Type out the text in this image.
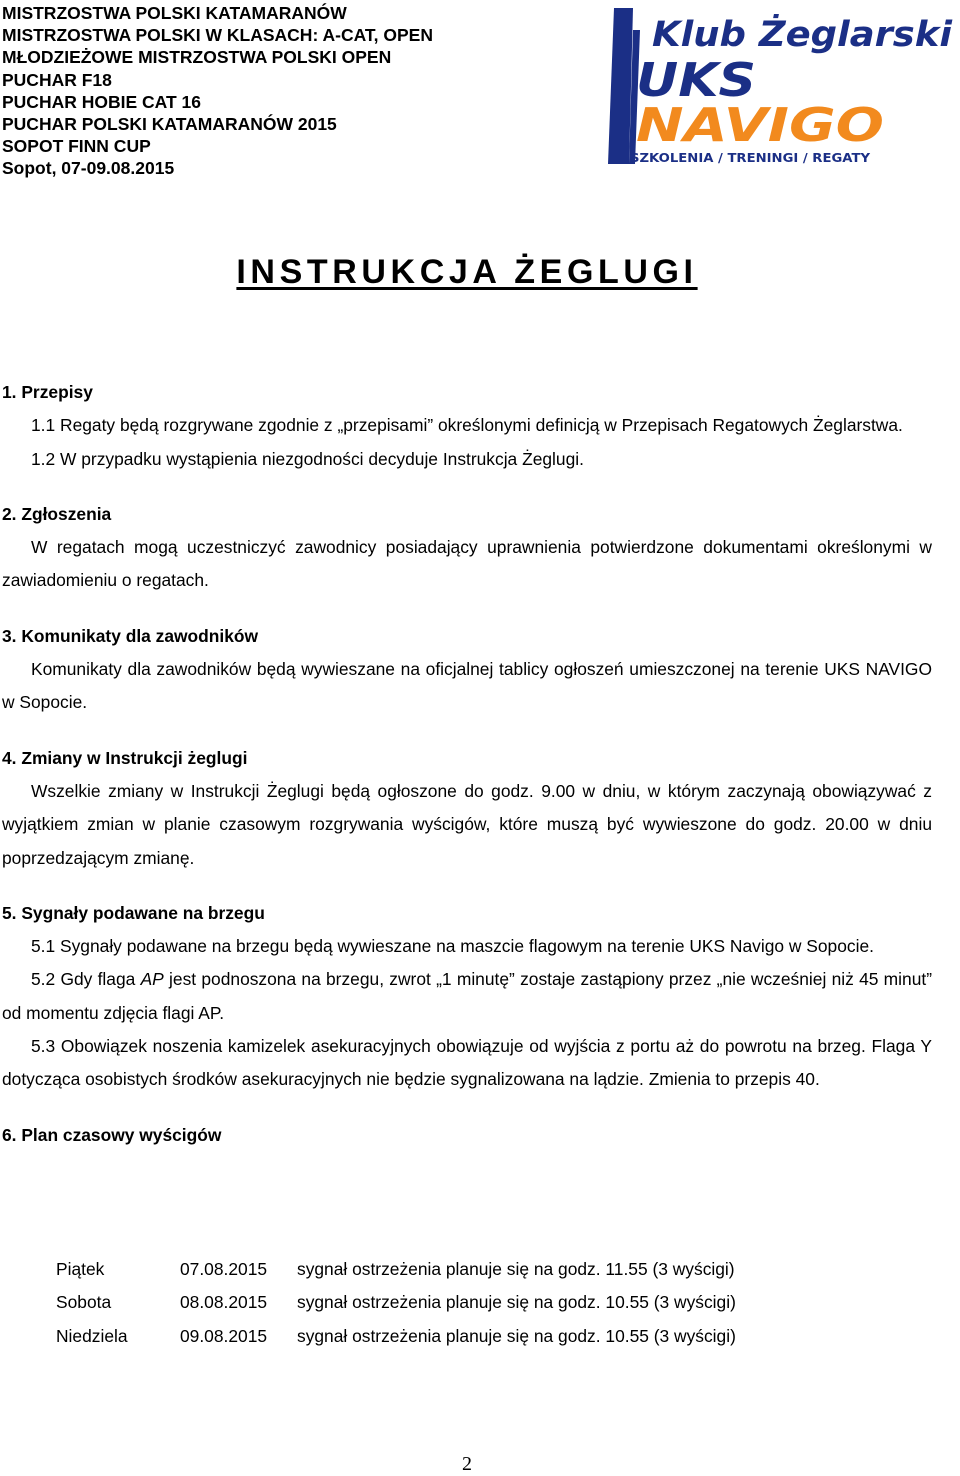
MISTRZOSTWA POLSKI KATAMARANÓW
MISTRZOSTWA POLSKI W KLASACH: A-CAT, OPEN
MŁODZIEŻOWE MISTRZOSTWA POLSKI OPEN
PUCHAR F18
PUCHAR HOBIE CAT 16
PUCHAR POLSKI KATAMARANÓW 2015
SOPOT FINN CUP
Sopot, 07-09.08.2015
Klub Żeglarski
UKS
NAVIGO
SZKOLENIA / TRENINGI / REGATY
INSTRUKCJA ŻEGLUGI

1. Przepisy

1.1 Regaty będą rozgrywane zgodnie z „przepisami” określonymi definicją w Przepisach Regatowych Żeglarstwa.

1.2 W przypadku wystąpienia niezgodności decyduje Instrukcja Żeglugi.

2. Zgłoszenia

W regatach mogą uczestniczyć zawodnicy posiadający uprawnienia potwierdzone dokumentami określonymi w zawiadomieniu o regatach.

3. Komunikaty dla zawodników

Komunikaty dla zawodników będą wywieszane na oficjalnej tablicy ogłoszeń umieszczonej na terenie UKS NAVIGO w Sopocie.

4. Zmiany w Instrukcji żeglugi

Wszelkie zmiany w Instrukcji Żeglugi będą ogłoszone do godz. 9.00 w dniu, w którym zaczynają obowiązywać z wyjątkiem zmian w planie czasowym rozgrywania wyścigów, które muszą być wywieszone do godz. 20.00 w dniu poprzedzającym zmianę.

5. Sygnały podawane na brzegu

5.1 Sygnały podawane na brzegu będą wywieszane na maszcie flagowym na terenie UKS Navigo w Sopocie.

5.2 Gdy flaga AP jest podnoszona na brzegu, zwrot „1 minutę” zostaje zastąpiony przez „nie wcześniej niż 45 minut” od momentu zdjęcia flagi AP.

5.3 Obowiązek noszenia kamizelek asekuracyjnych obowiązuje od wyjścia z portu aż do powrotu na brzeg. Flaga Y dotycząca osobistych środków asekuracyjnych nie będzie sygnalizowana na lądzie. Zmienia to przepis 40.

6. Plan czasowy wyścigów

Piątek	07.08.2015	sygnał ostrzeżenia planuje się na godz. 11.55 (3 wyścigi)
Sobota	08.08.2015	sygnał ostrzeżenia planuje się na godz. 10.55 (3 wyścigi)
Niedziela	09.08.2015	sygnał ostrzeżenia planuje się na godz. 10.55 (3 wyścigi)
2
